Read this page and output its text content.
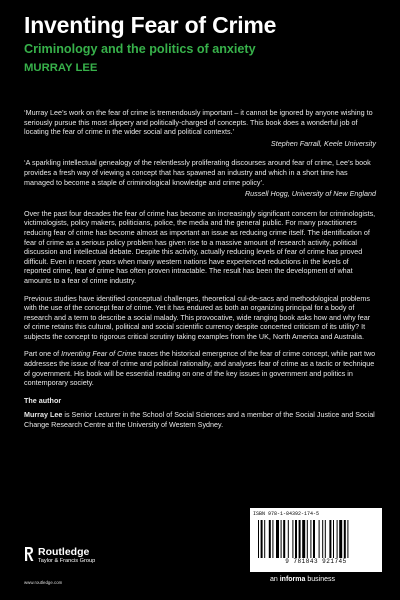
Inventing Fear of Crime
Criminology and the politics of anxiety
MURRAY LEE
‘Murray Lee’s work on the fear of crime is tremendously important – it cannot be ignored by anyone wishing to seriously pursue this most slippery and politically-charged of concepts. This book does a wonderful job of locating the fear of crime in the wider social and political contexts.’
Stephen Farrall, Keele University
‘A sparkling intellectual genealogy of the relentlessly proliferating discourses around fear of crime, Lee’s book provides a fresh way of viewing a concept that has spawned an industry and which in a short time has managed to become a staple of criminological knowledge and crime policy’.
Russell Hogg, University of New England
Over the past four decades the fear of crime has become an increasingly significant concern for criminologists, victimologists, policy makers, politicians, police, the media and the general public. For many practitioners reducing fear of crime has become almost as important an issue as reducing crime itself. The identification of fear of crime as a serious policy problem has given rise to a massive amount of research activity, political discussion and intellectual debate. Despite this activity, actually reducing levels of fear of crime has proved difficult. Even in recent years when many western nations have experienced reductions in the levels of reported crime, fear of crime has often proven intractable. The result has been the development of what amounts to a fear of crime industry.
Previous studies have identified conceptual challenges, theoretical cul-de-sacs and methodological problems with the use of the concept fear of crime. Yet it has endured as both an organizing principal for a body of research and a term to describe a social malady. This provocative, wide ranging book asks how and why fear of crime retains this cultural, political and social scientific currency despite concerted criticism of its utility? It subjects the concept to rigorous critical scrutiny taking examples from the UK, North America and Australia.
Part one of Inventing Fear of Crime traces the historical emergence of the fear of crime concept, while part two addresses the issue of fear of crime and political rationality, and analyses fear of crime as a tactic or technique of government. His book will be essential reading on one of the key issues in government and politics in contemporary society.
The author
Murray Lee is Senior Lecturer in the School of Social Sciences and a member of the Social Justice and Social Change Research Centre at the University of Western Sydney.
Routledge
Taylor & Francis Group
www.routledge.com
ISBN 978-1-84392-174-5
9 781843 921745
an informa business
